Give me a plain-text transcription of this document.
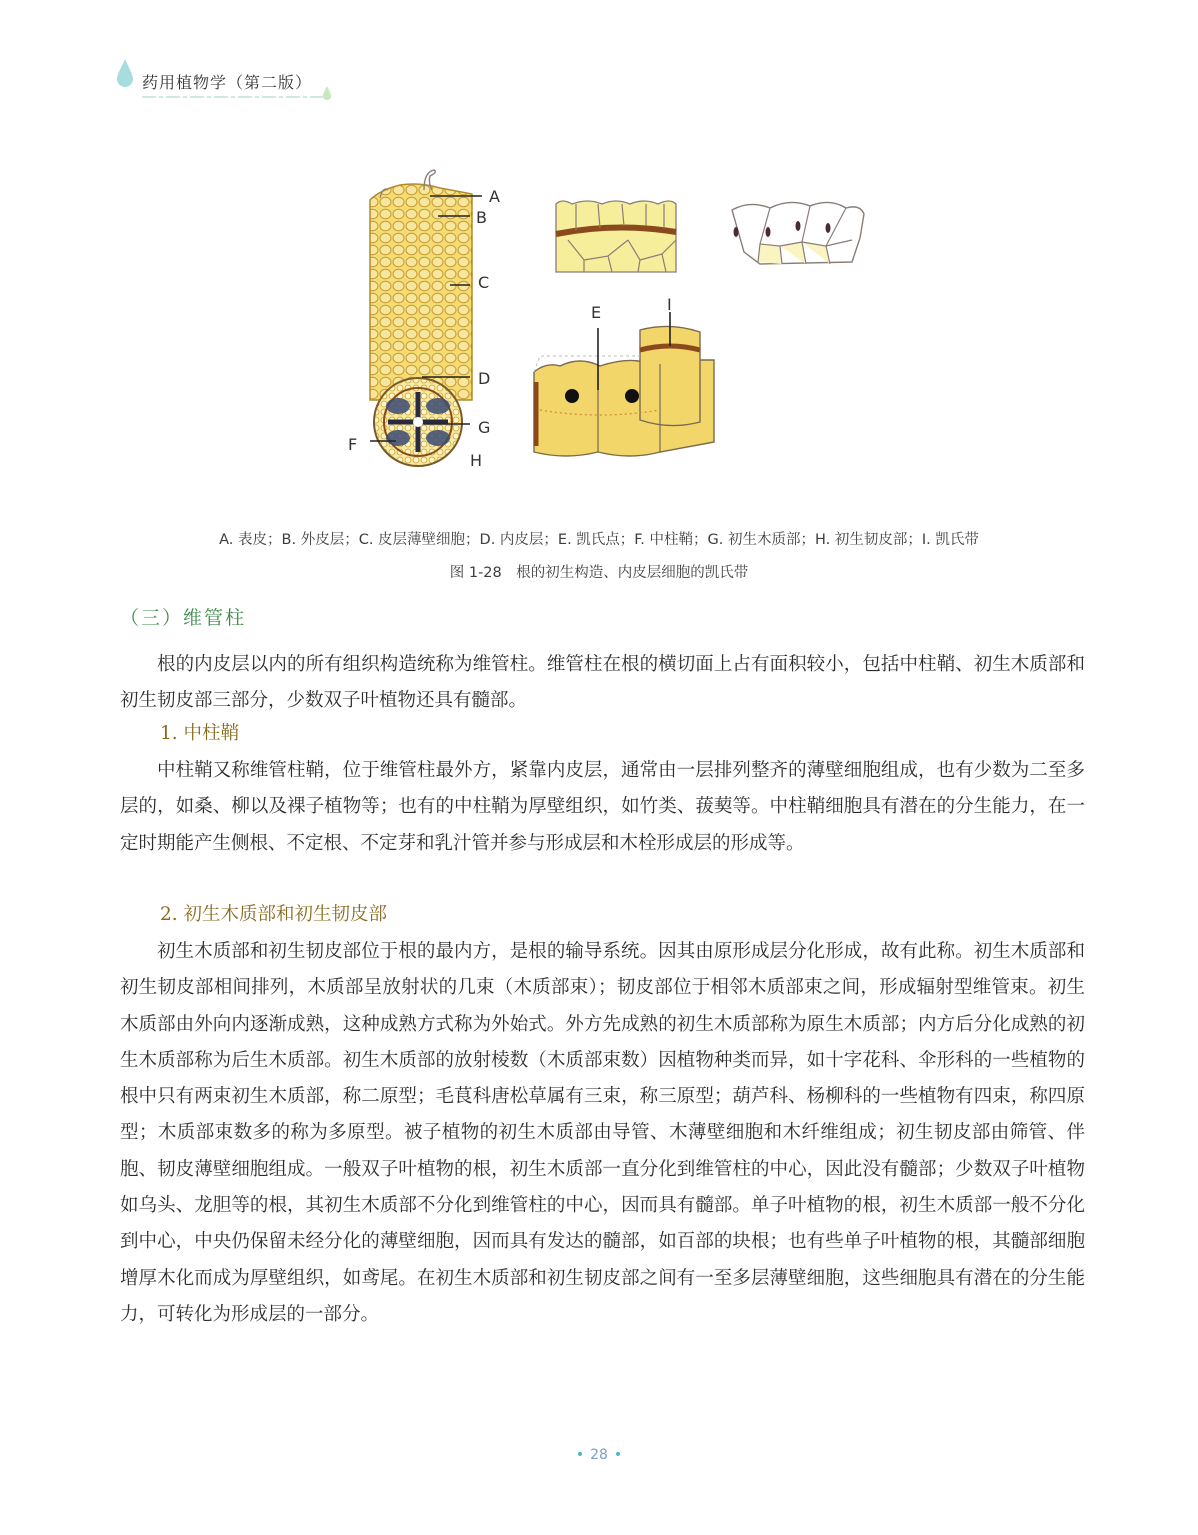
药用植物学（第二版）
A
B
C
D
F
G
H
E	I
A. 表皮；B. 外皮层；C. 皮层薄壁细胞；D. 内皮层；E. 凯氏点；F. 中柱鞘；G. 初生木质部；H. 初生韧皮部；I. 凯氏带
图 1-28　根的初生构造、内皮层细胞的凯氏带
（三）维管柱
根的内皮层以内的所有组织构造统称为维管柱。维管柱在根的横切面上占有面积较小，包括中柱鞘、初生木质部和初生韧皮部三部分，少数双子叶植物还具有髓部。
1. 中柱鞘
中柱鞘又称维管柱鞘，位于维管柱最外方，紧靠内皮层，通常由一层排列整齐的薄壁细胞组成，也有少数为二至多层的，如桑、柳以及裸子植物等；也有的中柱鞘为厚壁组织，如竹类、菝葜等。中柱鞘细胞具有潜在的分生能力，在一定时期能产生侧根、不定根、不定芽和乳汁管并参与形成层和木栓形成层的形成等。
2. 初生木质部和初生韧皮部
初生木质部和初生韧皮部位于根的最内方，是根的输导系统。因其由原形成层分化形成，故有此称。初生木质部和初生韧皮部相间排列，木质部呈放射状的几束（木质部束）；韧皮部位于相邻木质部束之间，形成辐射型维管束。初生木质部由外向内逐渐成熟，这种成熟方式称为外始式。外方先成熟的初生木质部称为原生木质部；内方后分化成熟的初生木质部称为后生木质部。初生木质部的放射棱数（木质部束数）因植物种类而异，如十字花科、伞形科的一些植物的根中只有两束初生木质部，称二原型；毛茛科唐松草属有三束，称三原型；葫芦科、杨柳科的一些植物有四束，称四原型；木质部束数多的称为多原型。被子植物的初生木质部由导管、木薄壁细胞和木纤维组成；初生韧皮部由筛管、伴胞、韧皮薄壁细胞组成。一般双子叶植物的根，初生木质部一直分化到维管柱的中心，因此没有髓部；少数双子叶植物如乌头、龙胆等的根，其初生木质部不分化到维管柱的中心，因而具有髓部。单子叶植物的根，初生木质部一般不分化到中心，中央仍保留未经分化的薄壁细胞，因而具有发达的髓部，如百部的块根；也有些单子叶植物的根，其髓部细胞增厚木化而成为厚壁组织，如鸢尾。在初生木质部和初生韧皮部之间有一至多层薄壁细胞，这些细胞具有潜在的分生能力，可转化为形成层的一部分。
• 28 •
